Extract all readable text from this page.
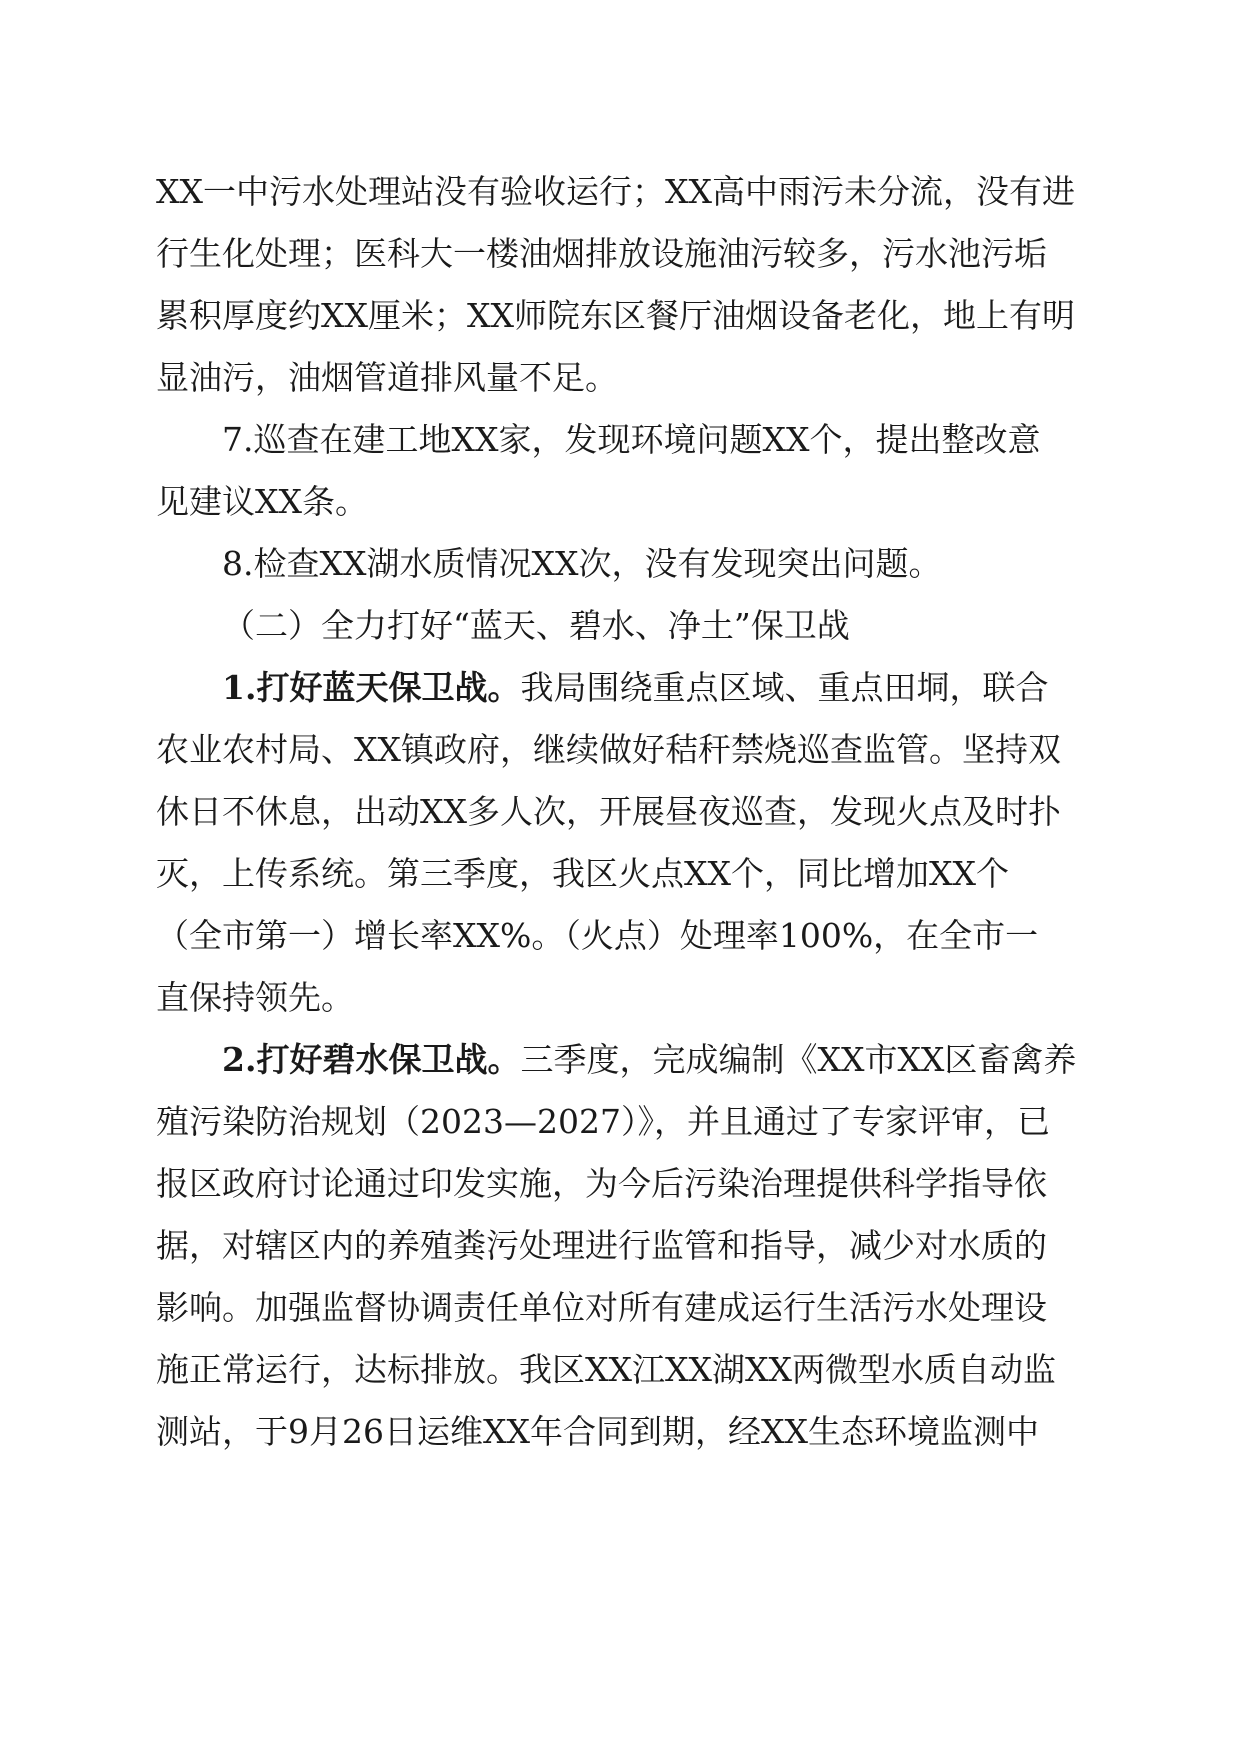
XX一中污水处理站没有验收运行；XX高中雨污未分流，没有进
行生化处理；医科大一楼油烟排放设施油污较多，污水池污垢
累积厚度约XX厘米；XX师院东区餐厅油烟设备老化，地上有明
显油污，油烟管道排风量不足。
7.巡查在建工地XX家，发现环境问题XX个，提出整改意
见建议XX条。
8.检查XX湖水质情况XX次，没有发现突出问题。
（二）全力打好“蓝天、碧水、净土”保卫战
1.打好蓝天保卫战。我局围绕重点区域、重点田垌，联合
农业农村局、XX镇政府，继续做好秸秆禁烧巡查监管。坚持双
休日不休息，出动XX多人次，开展昼夜巡查，发现火点及时扑
灭，上传系统。第三季度，我区火点XX个，同比增加XX个
（全市第一）增长率XX%。（火点）处理率100%，在全市一
直保持领先。
2.打好碧水保卫战。三季度，完成编制《XX市XX区畜禽养
殖污染防治规划（2023—2027）》，并且通过了专家评审，已
报区政府讨论通过印发实施，为今后污染治理提供科学指导依
据，对辖区内的养殖粪污处理进行监管和指导，减少对水质的
影响。加强监督协调责任单位对所有建成运行生活污水处理设
施正常运行，达标排放。我区XX江XX湖XX两微型水质自动监
测站，于9月26日运维XX年合同到期，经XX生态环境监测中
